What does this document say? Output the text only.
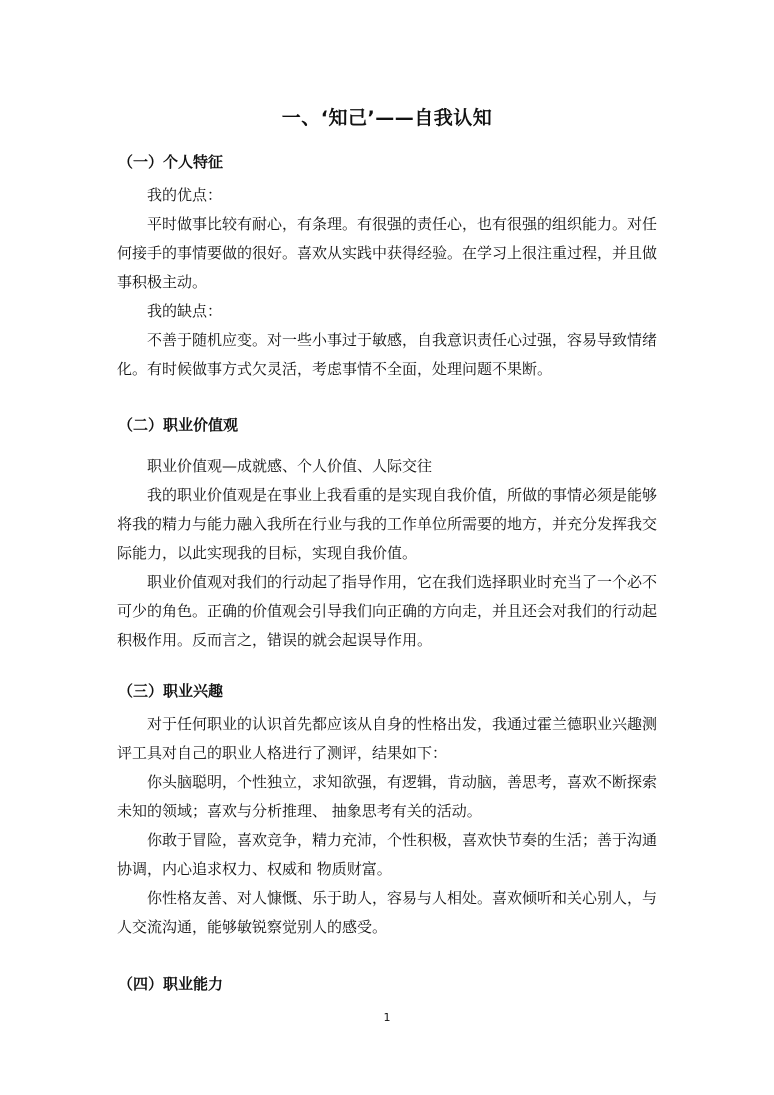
一、‘知己’——自我认知
（一）个人特征

我的优点：

平时做事比较有耐心，有条理。有很强的责任心，也有很强的组织能力。对任何接手的事情要做的很好。喜欢从实践中获得经验。在学习上很注重过程，并且做事积极主动。

我的缺点：

不善于随机应变。对一些小事过于敏感，自我意识责任心过强，容易导致情绪化。有时候做事方式欠灵活，考虑事情不全面，处理问题不果断。

（二）职业价值观

职业价值观—成就感、个人价值、人际交往

我的职业价值观是在事业上我看重的是实现自我价值，所做的事情必须是能够将我的精力与能力融入我所在行业与我的工作单位所需要的地方，并充分发挥我交际能力，以此实现我的目标，实现自我价值。

职业价值观对我们的行动起了指导作用，它在我们选择职业时充当了一个必不可少的角色。正确的价值观会引导我们向正确的方向走，并且还会对我们的行动起积极作用。反而言之，错误的就会起误导作用。

（三）职业兴趣

对于任何职业的认识首先都应该从自身的性格出发，我通过霍兰德职业兴趣测评工具对自己的职业人格进行了测评，结果如下：

你头脑聪明，个性独立，求知欲强，有逻辑，肯动脑，善思考，喜欢不断探索未知的领域；喜欢与分析推理、 抽象思考有关的活动。

你敢于冒险，喜欢竞争，精力充沛，个性积极，喜欢快节奏的生活；善于沟通协调，内心追求权力、权威和 物质财富。

你性格友善、对人慷慨、乐于助人，容易与人相处。喜欢倾听和关心别人，与人交流沟通，能够敏锐察觉别人的感受。

（四）职业能力
1
